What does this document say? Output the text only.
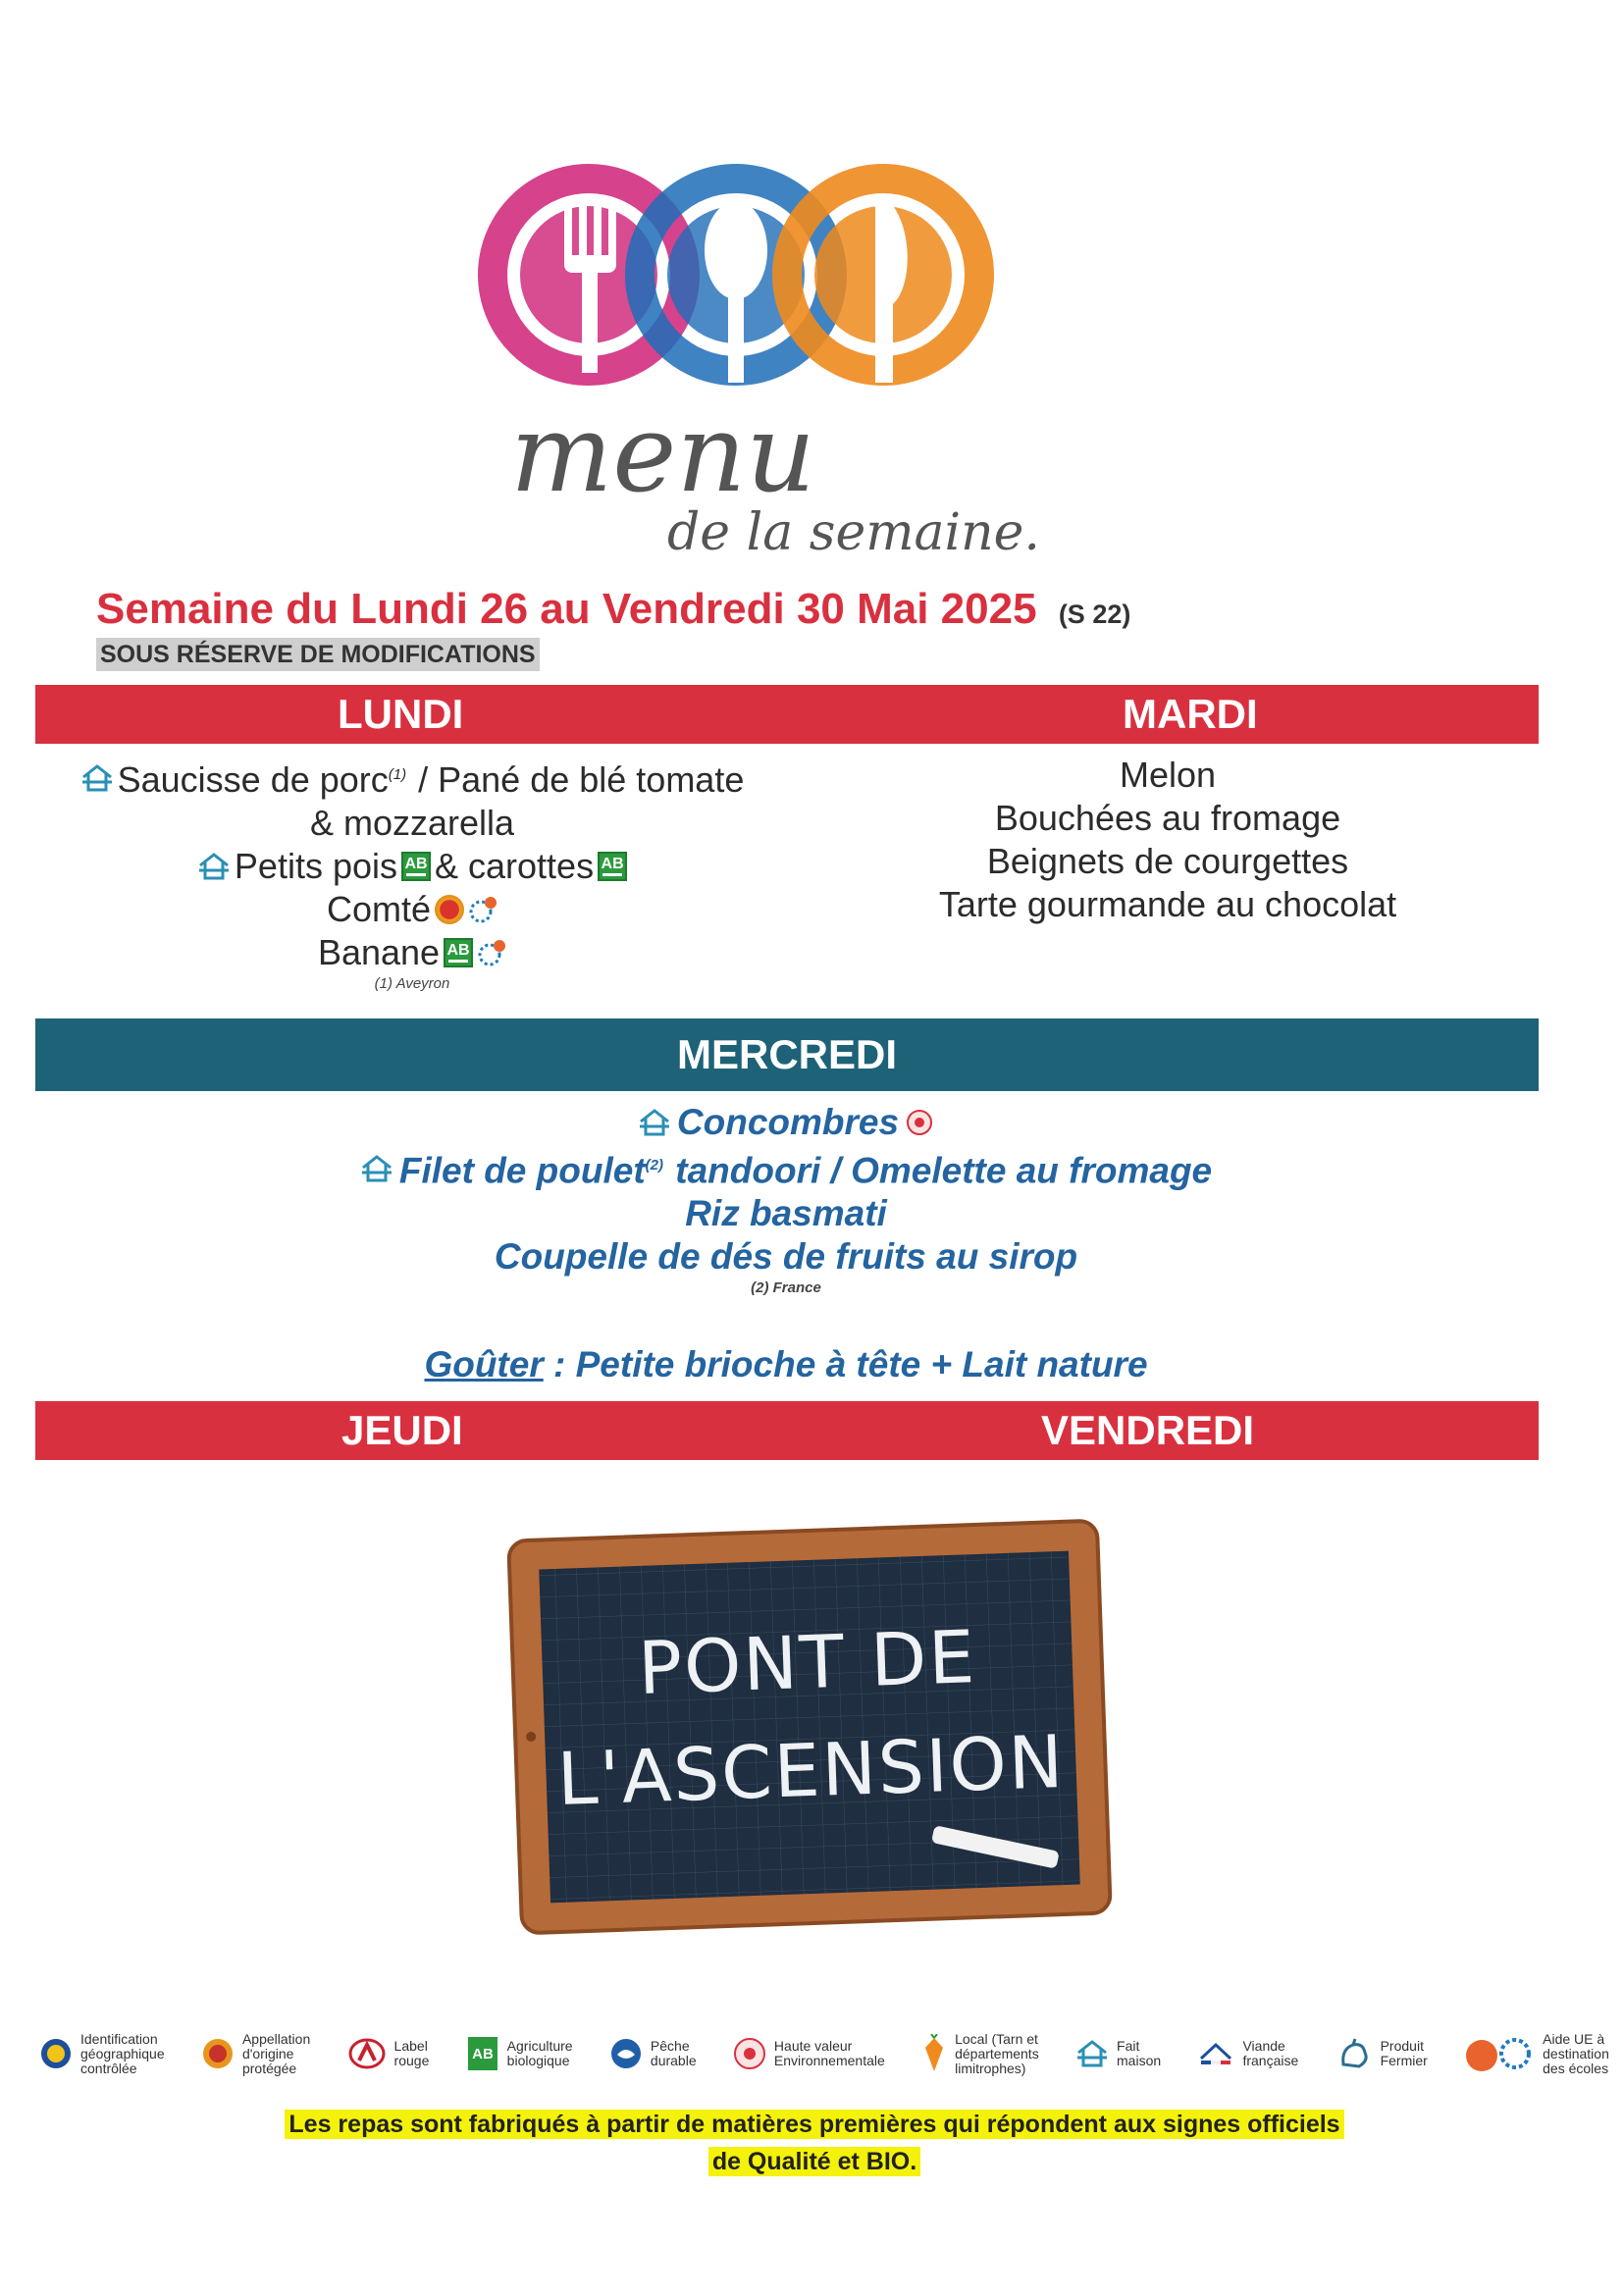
menu
de la semaine.
Semaine du Lundi 26 au Vendredi 30 Mai 2025 (S 22)
SOUS RÉSERVE DE MODIFICATIONS
LUNDI	MARDI
Saucisse de porc$^{(1)}$ / Pané de blé tomate
& mozzarella
Petits pois AB & carottes AB
Comté
Banane AB
(1) Aveyron
Melon
Bouchées au fromage
Beignets de courgettes
Tarte gourmande au chocolat
MERCREDI
Concombres
Filet de poulet$^{(2)}$ tandoori / Omelette au fromage
Riz basmati
Coupelle de dés de fruits au sirop
(2) France
Goûter : Petite brioche à tête + Lait nature
JEUDI	VENDREDI
PONT DE
L'ASCENSION
Identification
géographique
contrôlée
Appellation
d'origine
protégée
Label
rouge	AB Agriculture
biologique
Pêche
durable
Haute valeur
Environnementale
Local (Tarn et
départements
limitrophes)
Fait
maison
Viande
française
Produit
Fermier
Aide UE à
destination
des écoles
Les repas sont fabriqués à partir de matières premières qui répondent aux signes officiels
de Qualité et BIO.
